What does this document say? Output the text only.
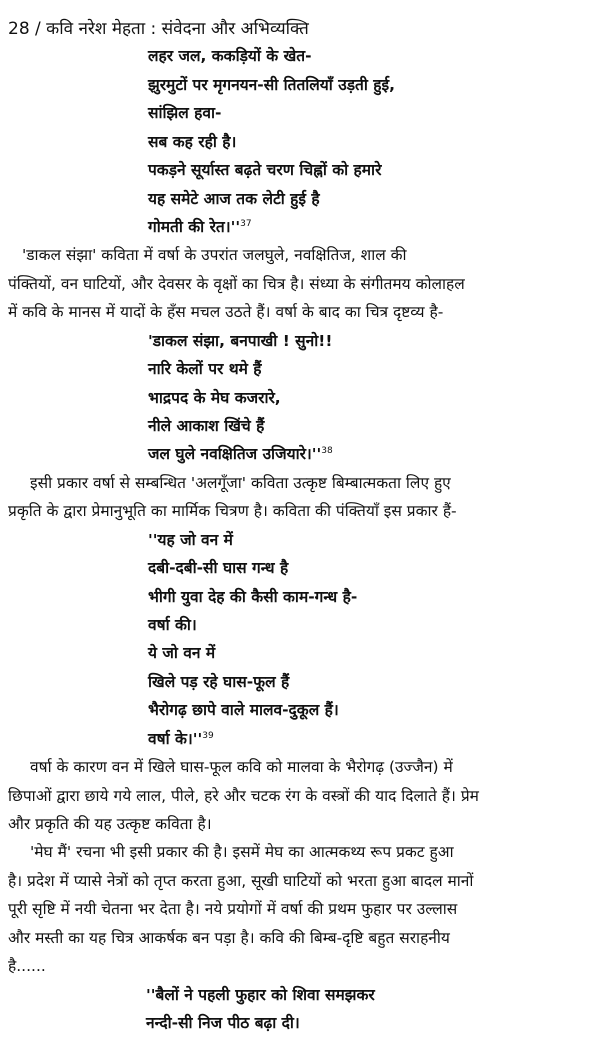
28 / कवि नरेश मेहता : संवेदना और अभिव्यक्ति
लहर जल, ककड़ियों के खेत-
झुरमुटों पर मृगनयन-सी तितलियाँ उड़ती हुई,
सांझिल हवा-
सब कह रही है।
पकड़ने सूर्यास्त बढ़ते चरण चिह्नों को हमारे
यह समेटे आज तक लेटी हुई है
गोमती की रेत।''$^{37}$
'डाकल संझा' कविता में वर्षा के उपरांत जलघुले, नवक्षितिज, शाल की
पंक्तियों, वन घाटियों, और देवसर के वृक्षों का चित्र है। संध्या के संगीतमय कोलाहल
में कवि के मानस में यादों के हँस मचल उठते हैं। वर्षा के बाद का चित्र दृष्टव्य है-
'डाकल संझा, बनपाखी ! सुनो!!
नारि केलों पर थमे हैं
भाद्रपद के मेघ कजरारे,
नीले आकाश खिंचे हैं
जल घुले नवक्षितिज उजियारे।''$^{38}$
इसी प्रकार वर्षा से सम्बन्धित 'अलगूँजा' कविता उत्कृष्ट बिम्बात्मकता लिए हुए
प्रकृति के द्वारा प्रेमानुभूति का मार्मिक चित्रण है। कविता की पंक्तियाँ इस प्रकार हैं-
''यह जो वन में
दबी-दबी-सी घास गन्ध है
भीगी युवा देह की कैसी काम-गन्ध है-
वर्षा की।
ये जो वन में
खिले पड़ रहे घास-फूल हैं
भैरोगढ़ छापे वाले मालव-दुकूल हैं।
वर्षा के।''$^{39}$
वर्षा के कारण वन में खिले घास-फूल कवि को मालवा के भैरोगढ़ (उज्जैन) में
छिपाओं द्वारा छाये गये लाल, पीले, हरे और चटक रंग के वस्त्रों की याद दिलाते हैं। प्रेम
और प्रकृति की यह उत्कृष्ट कविता है।
'मेघ मैं' रचना भी इसी प्रकार की है। इसमें मेघ का आत्मकथ्य रूप प्रकट हुआ
है। प्रदेश में प्यासे नेत्रों को तृप्त करता हुआ, सूखी घाटियों को भरता हुआ बादल मानों
पूरी सृष्टि में नयी चेतना भर देता है। नये प्रयोगों में वर्षा की प्रथम फुहार पर उल्लास
और मस्ती का यह चित्र आकर्षक बन पड़ा है। कवि की बिम्ब-दृष्टि बहुत सराहनीय
है......
''बैलों ने पहली फुहार को शिवा समझकर
नन्दी-सी निज पीठ बढ़ा दी।
